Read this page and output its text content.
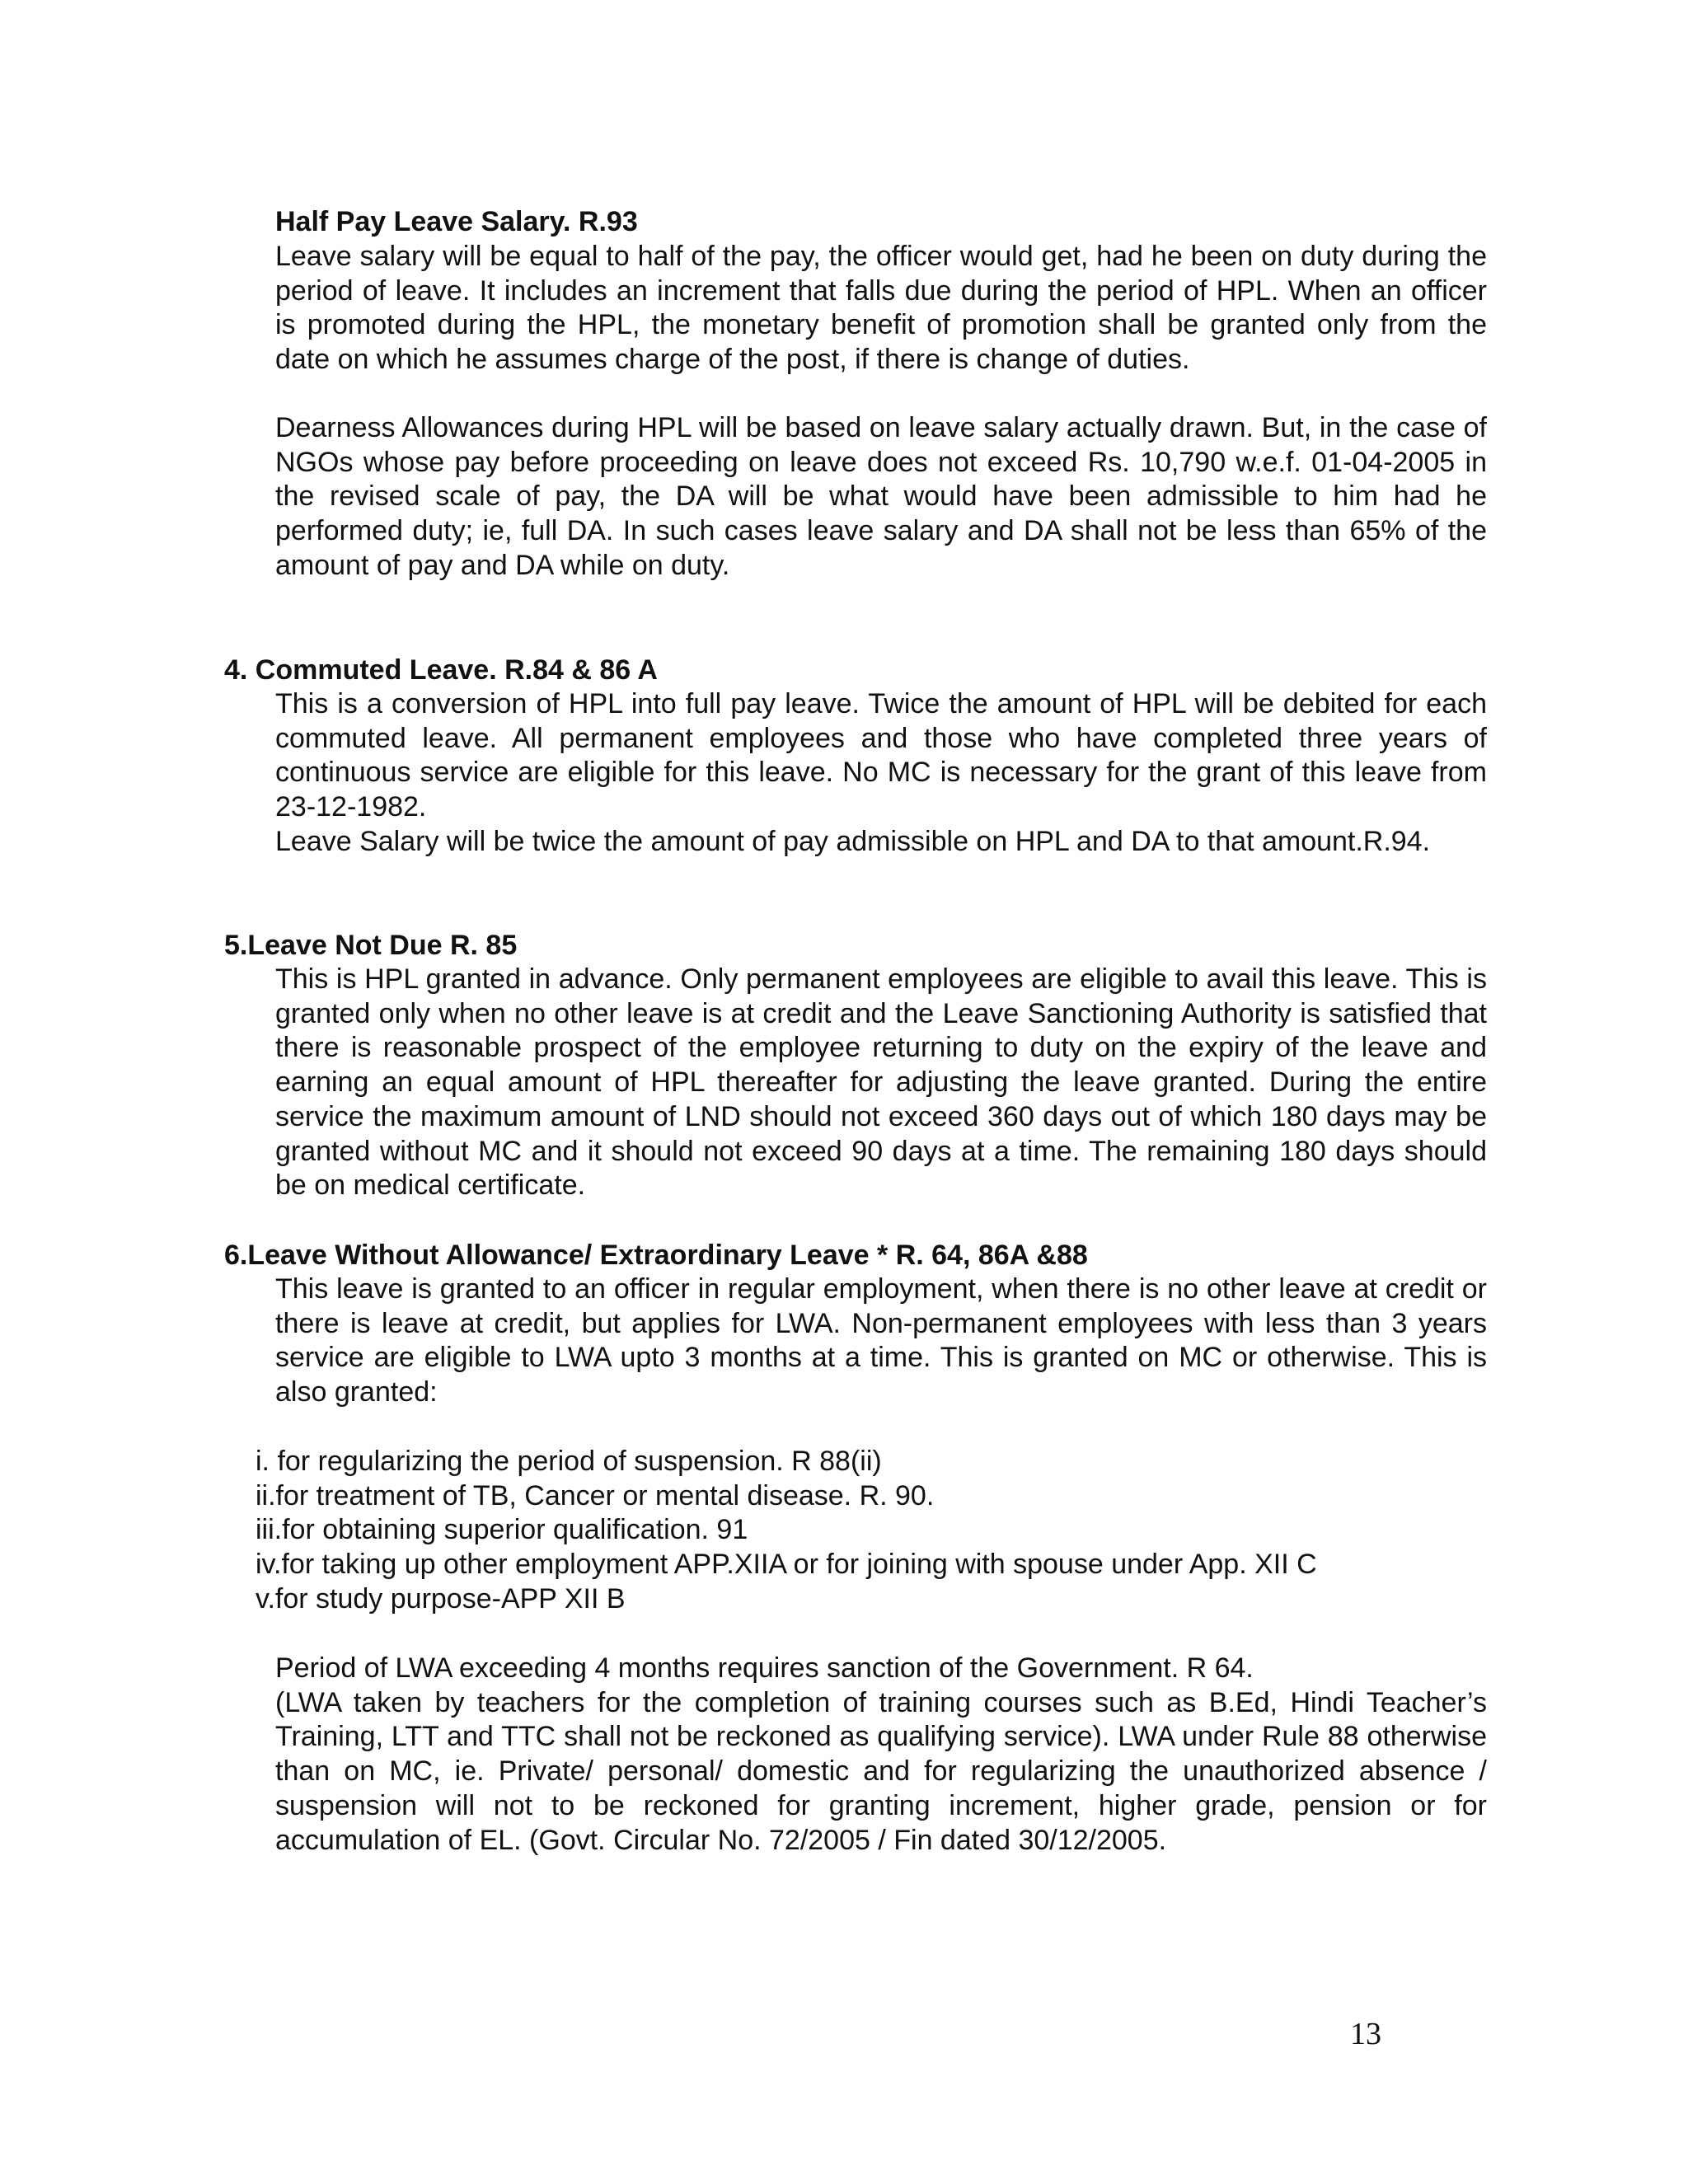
Half Pay Leave Salary. R.93

Leave salary will be equal to half of the pay, the officer would get, had he been on duty during the period of leave. It includes an increment that falls due during the period of HPL. When an officer is promoted during the HPL, the monetary benefit of promotion shall be granted only from the date on which he assumes charge of the post, if there is change of duties.

Dearness Allowances during HPL will be based on leave salary actually drawn. But, in the case of NGOs whose pay before proceeding on leave does not exceed Rs. 10,790 w.e.f. 01-04-2005 in the revised scale of pay, the DA will be what would have been admissible to him had he performed duty; ie, full DA. In such cases leave salary and DA shall not be less than 65% of the amount of pay and DA while on duty.

4. Commuted Leave. R.84 & 86 A

This is a conversion of HPL into full pay leave. Twice the amount of HPL will be debited for each commuted leave. All permanent employees and those who have completed three years of continuous service are eligible for this leave. No MC is necessary for the grant of this leave from 23-12-1982.

Leave Salary will be twice the amount of pay admissible on HPL and DA to that amount.R.94.

5.Leave Not Due R. 85

This is HPL granted in advance. Only permanent employees are eligible to avail this leave. This is granted only when no other leave is at credit and the Leave Sanctioning Authority is satisfied that there is reasonable prospect of the employee returning to duty on the expiry of the leave and earning an equal amount of HPL thereafter for adjusting the leave granted. During the entire service the maximum amount of LND should not exceed 360 days out of which 180 days may be granted without MC and it should not exceed 90 days at a time. The remaining 180 days should be on medical certificate.

6.Leave Without Allowance/ Extraordinary Leave * R. 64, 86A &88

This leave is granted to an officer in regular employment, when there is no other leave at credit or there is leave at credit, but applies for LWA. Non-permanent employees with less than 3 years service are eligible to LWA upto 3 months at a time. This is granted on MC or otherwise. This is also granted:

i. for regularizing the period of suspension. R 88(ii)
ii.for treatment of TB, Cancer or mental disease. R. 90.
iii.for obtaining superior qualification. 91
iv.for taking up other employment APP.XIIA or for joining with spouse under App. XII C
v.for study purpose-APP XII B

Period of LWA exceeding 4 months requires sanction of the Government. R 64.

(LWA taken by teachers for the completion of training courses such as B.Ed, Hindi Teacher’s Training, LTT and TTC shall not be reckoned as qualifying service). LWA under Rule 88 otherwise than on MC, ie. Private/ personal/ domestic and for regularizing the unauthorized absence / suspension will not to be reckoned for granting increment, higher grade, pension or for accumulation of EL. (Govt. Circular No. 72/2005 / Fin dated 30/12/2005.

13
